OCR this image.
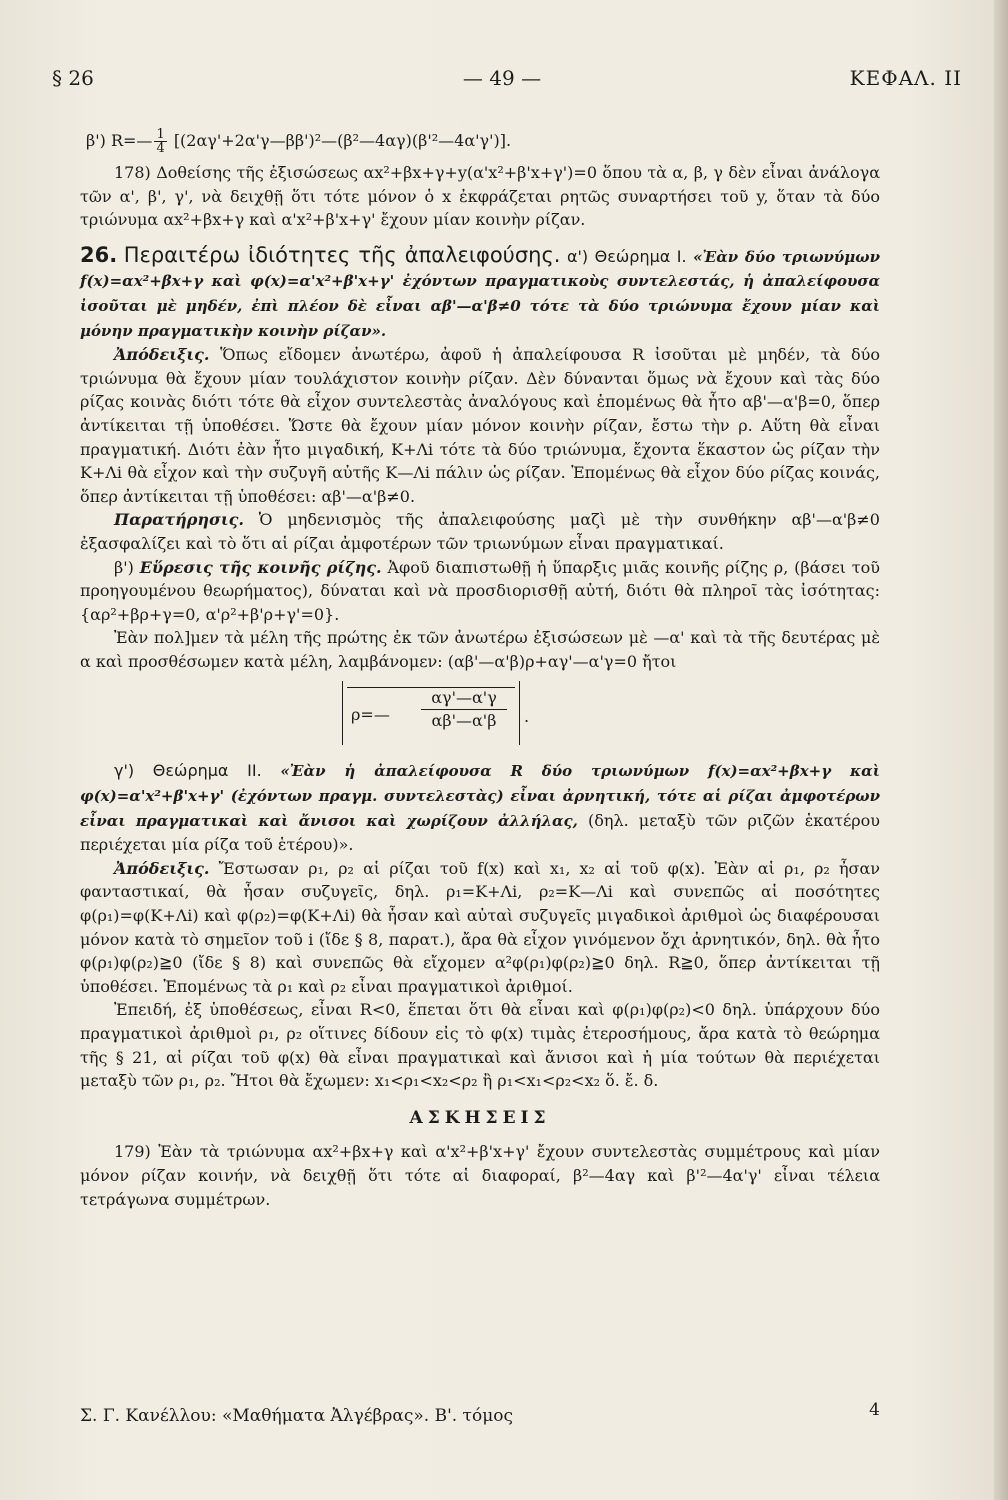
§ 26	— 49 —	ΚΕΦΑΛ. ΙΙ

β') R=— $\frac{1}{4}$ [(2αγ'+2α'γ—ββ')²—(β²—4αγ)(β'²—4α'γ')].

178) Δοθείσης τῆς ἐξισώσεως αx²+βx+γ+y(α'x²+β'x+γ')=0 ὅπου τὰ α, β, γ δὲν εἶναι ἀνάλογα τῶν α', β', γ', νὰ δειχθῇ ὅτι τότε μόνον ὁ x ἐκφράζεται ρητῶς συναρτήσει τοῦ y, ὅταν τὰ δύο τριώνυμα αx²+βx+γ καὶ α'x²+β'x+γ' ἔχουν μίαν κοινὴν ρίζαν.

26. Περαιτέρω ἰδιότητες τῆς ἀπαλειφούσης. α') Θεώρημα Ι. «Ἐὰν δύο τριωνύμων f(x)=αx²+βx+γ καὶ φ(x)=α'x²+β'x+γ' ἐχόντων πραγματικοὺς συντελεστάς, ἡ ἀπαλείφουσα ἰσοῦται μὲ μηδέν, ἐπὶ πλέον δὲ εἶναι αβ'—α'β≠0 τότε τὰ δύο τριώνυμα ἔχουν μίαν καὶ μόνην πραγματικὴν κοινὴν ρίζαν».

Ἀπόδειξις. Ὅπως εἴδομεν ἀνωτέρω, ἀφοῦ ἡ ἀπαλείφουσα R ἰσοῦται μὲ μηδέν, τὰ δύο τριώνυμα θὰ ἔχουν μίαν τουλάχιστον κοινὴν ρίζαν. Δὲν δύνανται ὅμως νὰ ἔχουν καὶ τὰς δύο ρίζας κοινὰς διότι τότε θὰ εἶχον συντελεστὰς ἀναλόγους καὶ ἑπομένως θὰ ἦτο αβ'—α'β=0, ὅπερ ἀντίκειται τῇ ὑποθέσει. Ὥστε θὰ ἔχουν μίαν μόνον κοινὴν ρίζαν, ἔστω τὴν ρ. Αὕτη θὰ εἶναι πραγματική. Διότι ἐὰν ἦτο μιγαδική, K+Λi τότε τὰ δύο τριώνυμα, ἔχοντα ἕκαστον ὡς ρίζαν τὴν K+Λi θὰ εἶχον καὶ τὴν συζυγῆ αὐτῆς K—Λi πάλιν ὡς ρίζαν. Ἑπομένως θὰ εἶχον δύο ρίζας κοινάς, ὅπερ ἀντίκειται τῇ ὑποθέσει: αβ'—α'β≠0.

Παρατήρησις. Ὁ μηδενισμὸς τῆς ἀπαλειφούσης μαζὶ μὲ τὴν συνθήκην αβ'—α'β≠0 ἐξασφαλίζει καὶ τὸ ὅτι αἱ ρίζαι ἀμφοτέρων τῶν τριωνύμων εἶναι πραγματικαί.

β') Εὕρεσις τῆς κοινῆς ρίζης. Ἀφοῦ διαπιστωθῇ ἡ ὕπαρξις μιᾶς κοινῆς ρίζης ρ, (βάσει τοῦ προηγουμένου θεωρήματος), δύναται καὶ νὰ προσδιορισθῇ αὐτή, διότι θὰ πληροῖ τὰς ἰσότητας: {αρ²+βρ+γ=0, α'ρ²+β'ρ+γ'=0}.

Ἐὰν πολ]μεν τὰ μέλη τῆς πρώτης ἐκ τῶν ἀνωτέρω ἐξισώσεων μὲ —α' καὶ τὰ τῆς δευτέρας μὲ α καὶ προσθέσωμεν κατὰ μέλη, λαμβάνομεν: (αβ'—α'β)ρ+αγ'—α'γ=0 ἤτοι

ρ=— $\frac{\alpha\gamma'—\alpha'\gamma}{\alpha\beta'—\alpha'\beta}$ .

γ') Θεώρημα ΙΙ. «Ἐὰν ἡ ἀπαλείφουσα R δύο τριωνύμων f(x)=αx²+βx+γ καὶ φ(x)=α'x²+β'x+γ' (ἐχόντων πραγμ. συντελεστὰς) εἶναι ἀρνητική, τότε αἱ ρίζαι ἀμφοτέρων εἶναι πραγματικαὶ καὶ ἄνισοι καὶ χωρίζουν ἀλλήλας, (δηλ. μεταξὺ τῶν ριζῶν ἑκατέρου περιέχεται μία ρίζα τοῦ ἑτέρου)».

Ἀπόδειξις. Ἔστωσαν ρ₁, ρ₂ αἱ ρίζαι τοῦ f(x) καὶ x₁, x₂ αἱ τοῦ φ(x). Ἐὰν αἱ ρ₁, ρ₂ ἦσαν φανταστικαί, θὰ ἦσαν συζυγεῖς, δηλ. ρ₁=K+Λi, ρ₂=K—Λi καὶ συνεπῶς αἱ ποσότητες φ(ρ₁)=φ(K+Λi) καὶ φ(ρ₂)=φ(K+Λi) θὰ ἦσαν καὶ αὐταὶ συζυγεῖς μιγαδικοὶ ἀριθμοὶ ὡς διαφέρουσαι μόνον κατὰ τὸ σημεῖον τοῦ i (ἴδε § 8, παρατ.), ἄρα θὰ εἶχον γινόμενον ὄχι ἀρνητικόν, δηλ. θὰ ἦτο φ(ρ₁)φ(ρ₂)≧0 (ἴδε § 8) καὶ συνεπῶς θὰ εἴχομεν α²φ(ρ₁)φ(ρ₂)≧0 δηλ. R≧0, ὅπερ ἀντίκειται τῇ ὑποθέσει. Ἑπομένως τὰ ρ₁ καὶ ρ₂ εἶναι πραγματικοὶ ἀριθμοί.

Ἐπειδή, ἐξ ὑποθέσεως, εἶναι R<0, ἕπεται ὅτι θὰ εἶναι καὶ φ(ρ₁)φ(ρ₂)<0 δηλ. ὑπάρχουν δύο πραγματικοὶ ἀριθμοὶ ρ₁, ρ₂ οἵτινες δίδουν εἰς τὸ φ(x) τιμὰς ἑτεροσήμους, ἄρα κατὰ τὸ θεώρημα τῆς § 21, αἱ ρίζαι τοῦ φ(x) θὰ εἶναι πραγματικαὶ καὶ ἄνισοι καὶ ἡ μία τούτων θὰ περιέχεται μεταξὺ τῶν ρ₁, ρ₂. Ἤτοι θὰ ἔχωμεν: x₁<ρ₁<x₂<ρ₂ ἢ ρ₁<x₁<ρ₂<x₂ ὅ. ἔ. δ.

ΑΣΚΗΣΕΙΣ

179) Ἐὰν τὰ τριώνυμα αx²+βx+γ καὶ α'x²+β'x+γ' ἔχουν συντελεστὰς συμμέτρους καὶ μίαν μόνον ρίζαν κοινήν, νὰ δειχθῇ ὅτι τότε αἱ διαφοραί, β²—4αγ καὶ β'²—4α'γ' εἶναι τέλεια τετράγωνα συμμέτρων.

Σ. Γ. Κανέλλου: «Μαθήματα Ἀλγέβρας». Β'. τόμος	4
